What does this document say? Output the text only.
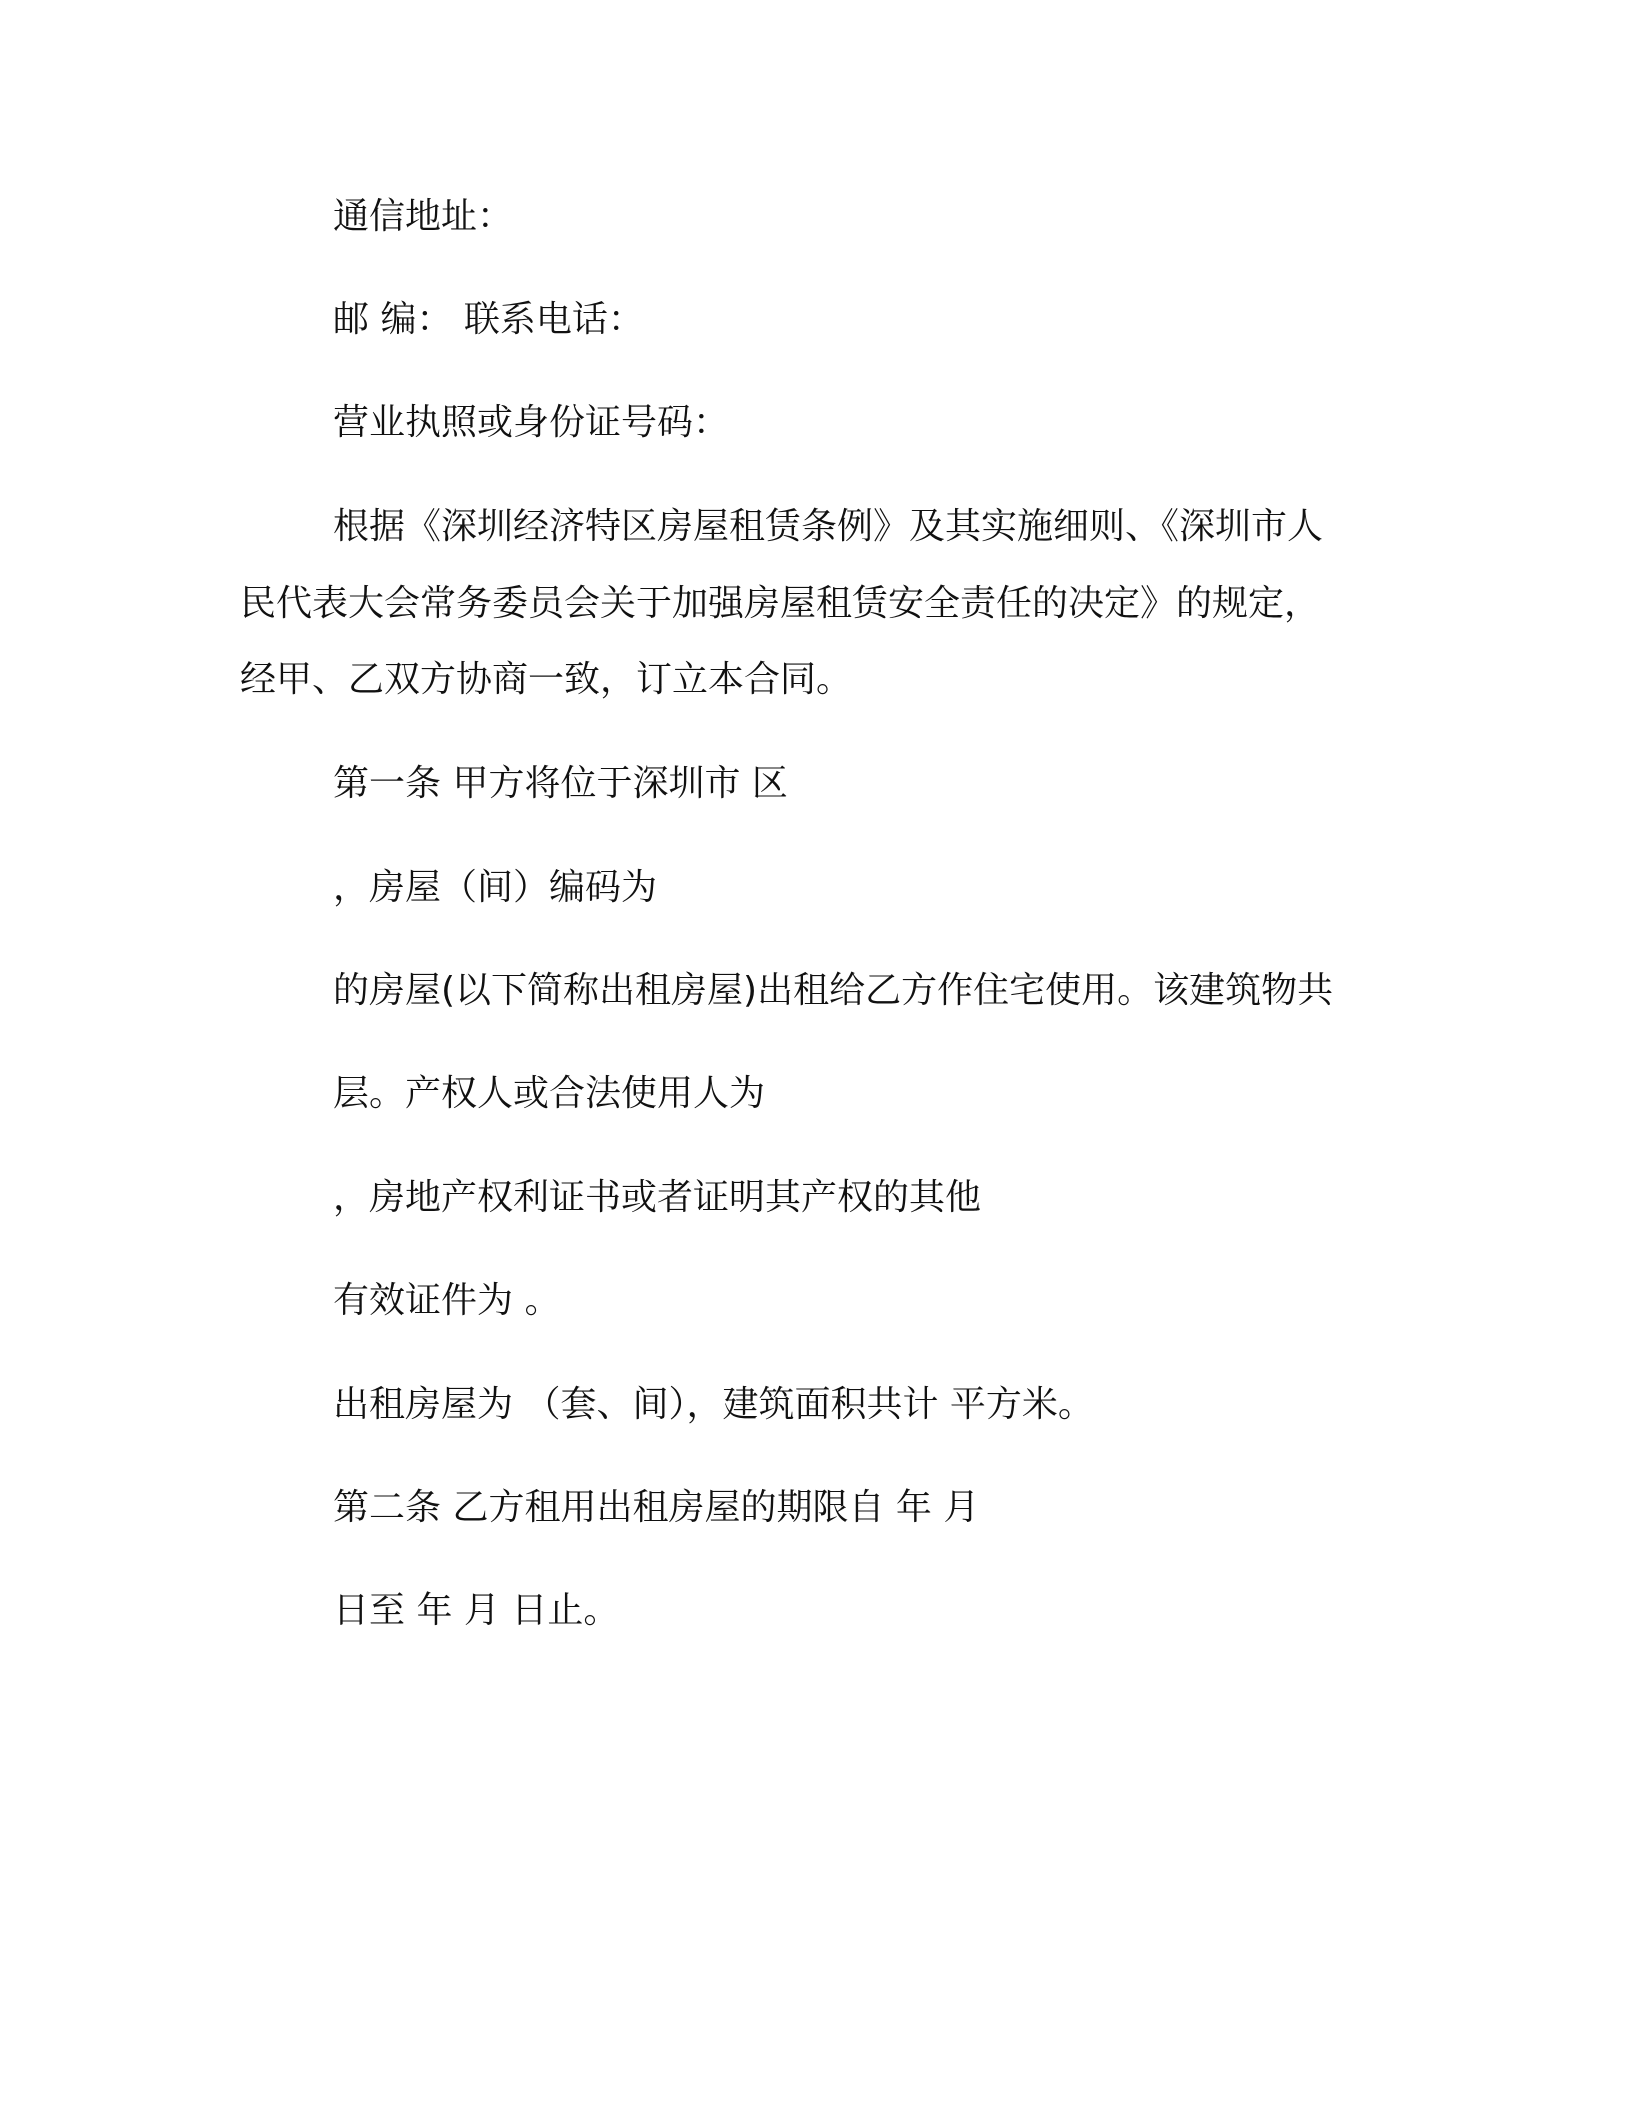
通信地址：

邮 编： 联系电话：

营业执照或身份证号码：

根据《深圳经济特区房屋租赁条例》及其实施细则、《深圳市人

民代表大会常务委员会关于加强房屋租赁安全责任的决定》的规定，

经甲、乙双方协商一致，订立本合同。

第一条 甲方将位于深圳市 区

，房屋（间）编码为

的房屋(以下简称出租房屋)出租给乙方作住宅使用。该建筑物共

层。产权人或合法使用人为

，房地产权利证书或者证明其产权的其他

有效证件为 。

出租房屋为 （套、间），建筑面积共计 平方米。

第二条 乙方租用出租房屋的期限自 年 月

日至 年 月 日止。
